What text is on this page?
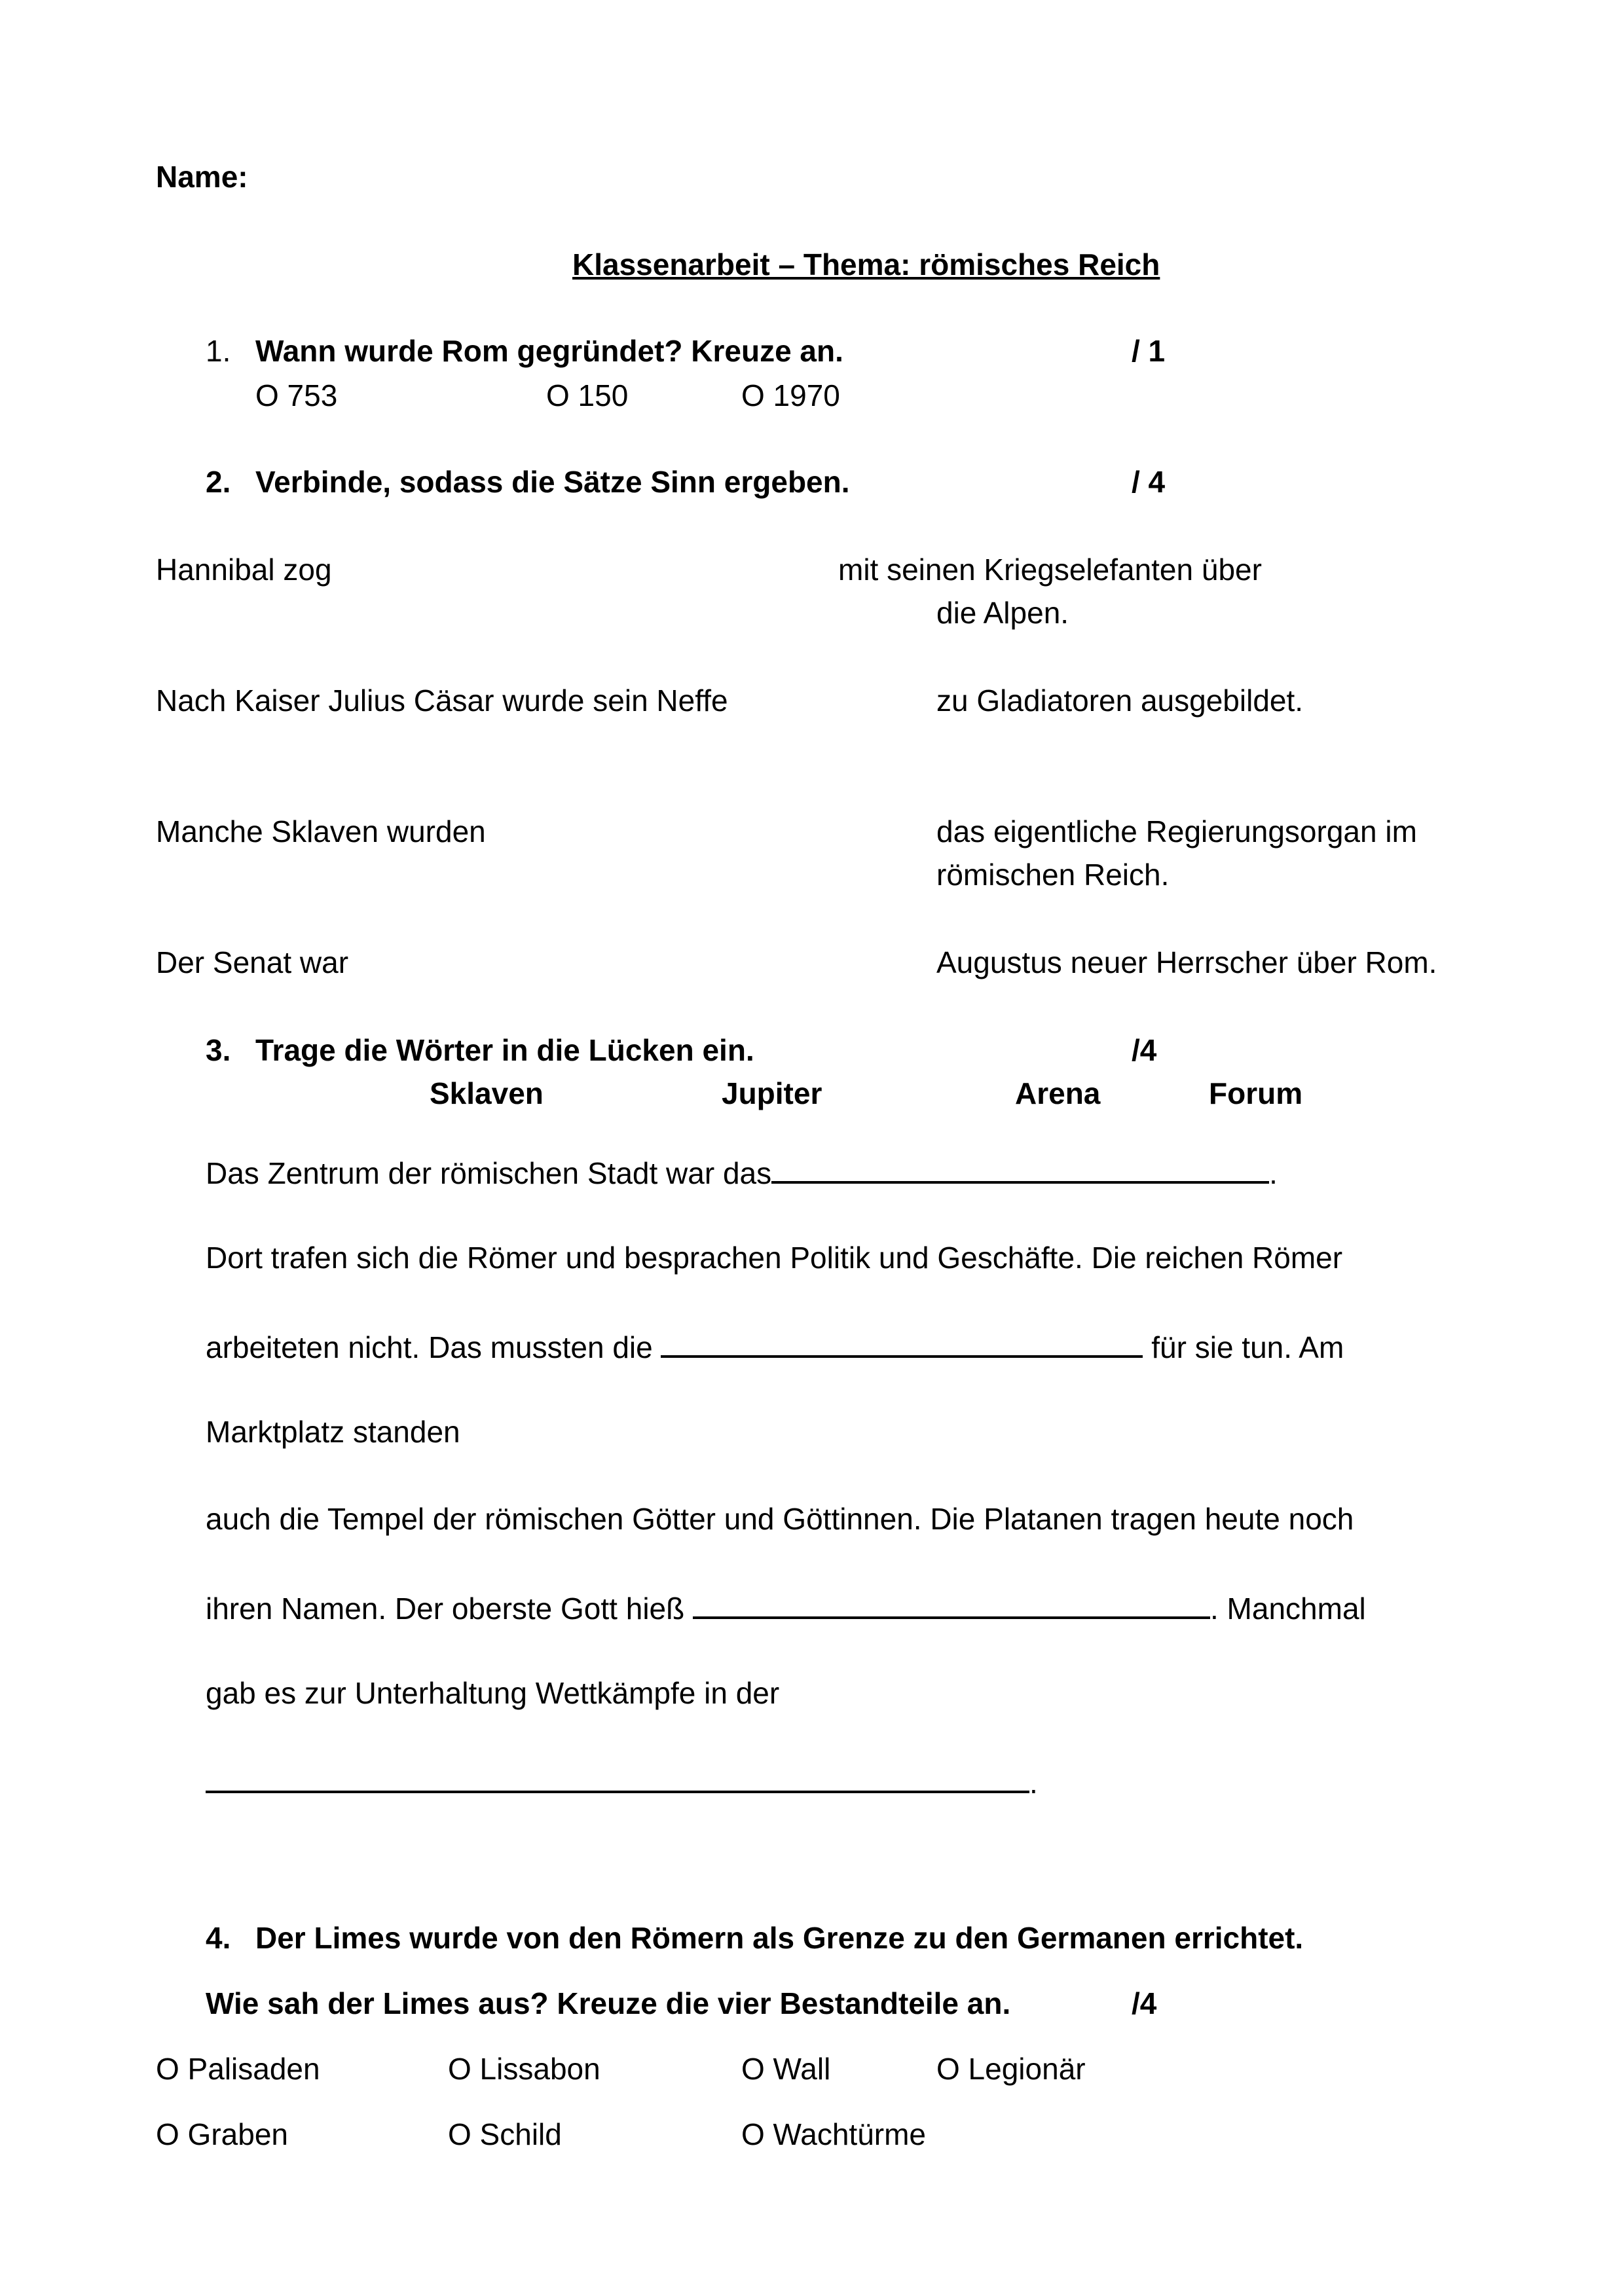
Name:

Klassenarbeit – Thema: römisches Reich

1. Wann wurde Rom gegründet? Kreuze an.	/ 1

O 753	O 150	O 1970

2. Verbinde, sodass die Sätze Sinn ergeben.	/ 4

Hannibal zog	mit seinen Kriegselefanten über

die Alpen.

Nach Kaiser Julius Cäsar wurde sein Neffe	zu Gladiatoren ausgebildet.

Manche Sklaven wurden	das eigentliche Regierungsorgan im

römischen Reich.

Der Senat war	Augustus neuer Herrscher über Rom.

3. Trage die Wörter in die Lücken ein.	/4

Sklaven	Jupiter	Arena	Forum

Das Zentrum der römischen Stadt war das	.

Dort trafen sich die Römer und besprachen Politik und Geschäfte. Die reichen Römer

arbeiteten nicht. Das mussten die	für sie tun. Am

Marktplatz standen

auch die Tempel der römischen Götter und Göttinnen. Die Platanen tragen heute noch

ihren Namen. Der oberste Gott hieß	. Manchmal

gab es zur Unterhaltung Wettkämpfe in der

.

4. Der Limes wurde von den Römern als Grenze zu den Germanen errichtet.

Wie sah der Limes aus? Kreuze die vier Bestandteile an.	/4

O Palisaden	O Lissabon	O Wall	O Legionär

O Graben	O Schild	O Wachtürme
